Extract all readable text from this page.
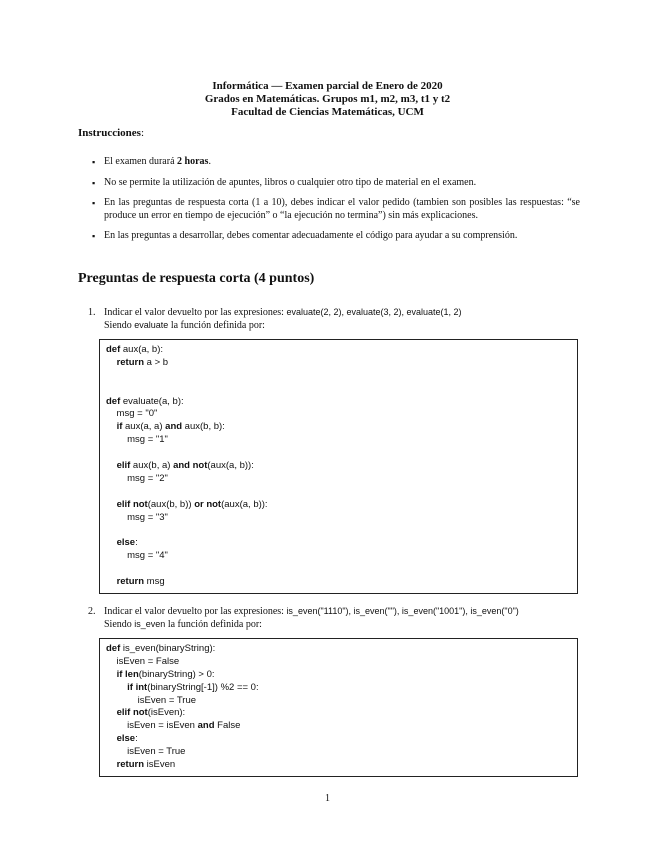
Informática — Examen parcial de Enero de 2020
Grados en Matemáticas. Grupos m1, m2, m3, t1 y t2
Facultad de Ciencias Matemáticas, UCM
Instrucciones:
▪ El examen durará 2 horas.
▪ No se permite la utilización de apuntes, libros o cualquier otro tipo de material en el examen.
▪ En las preguntas de respuesta corta (1 a 10), debes indicar el valor pedido (tambien son posibles las respuestas: “se produce un error en tiempo de ejecución” o “la ejecución no termina”) sin más explicaciones.
▪ En las preguntas a desarrollar, debes comentar adecuadamente el código para ayudar a su comprensión.
Preguntas de respuesta corta (4 puntos)
1. Indicar el valor devuelto por las expresiones: evaluate(2, 2), evaluate(3, 2), evaluate(1, 2)
Siendo evaluate la función definida por:
def aux(a, b):
return a > b
def evaluate(a, b):
msg = "0"
if aux(a, a) and aux(b, b):
msg = "1"
elif aux(b, a) and not(aux(a, b)):
msg = "2"
elif not(aux(b, b)) or not(aux(a, b)):
msg = "3"
else:
msg = "4"
return msg
2. Indicar el valor devuelto por las expresiones: is_even("1110"), is_even(""), is_even("1001"), is_even("0")
Siendo is_even la función definida por:
def is_even(binaryString):
isEven = False
if len(binaryString) > 0:
if int(binaryString[-1]) %2 == 0:
isEven = True
elif not(isEven):
isEven = isEven and False
else:
isEven = True
return isEven
1
